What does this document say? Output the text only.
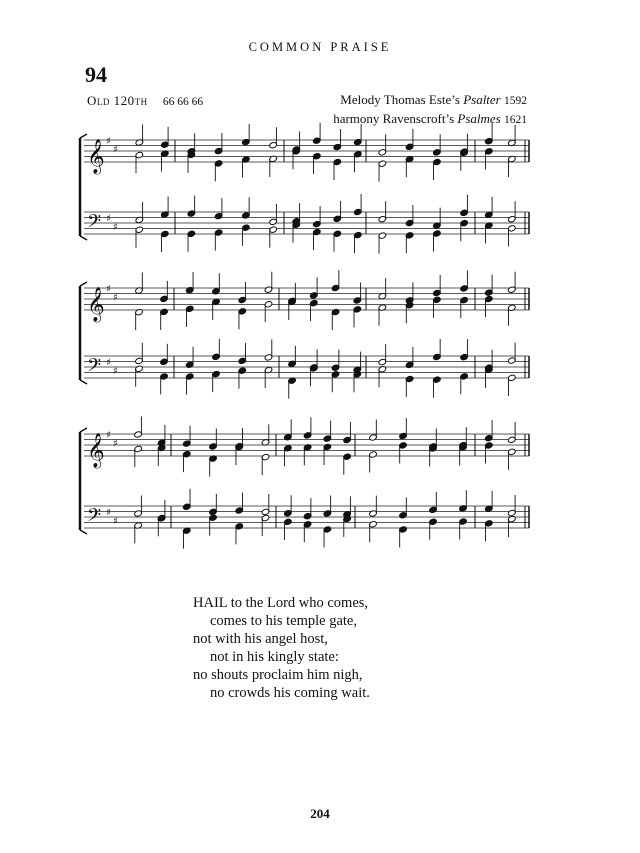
COMMON PRAISE
94
Old 120th 66 66 66	Melody Thomas Este’s Psalter 1592
harmony Ravenscroft’s Psalmes 1621
𝄞 ♯
♯
𝄢 ♯
♯
𝄞 ♯
♯
𝄢 ♯
♯
𝄞 ♯
♯
𝄢 ♯
♯
HAIL to the Lord who comes,
comes to his temple gate,
not with his angel host,
not in his kingly state:
no shouts proclaim him nigh,
no crowds his coming wait.
204
